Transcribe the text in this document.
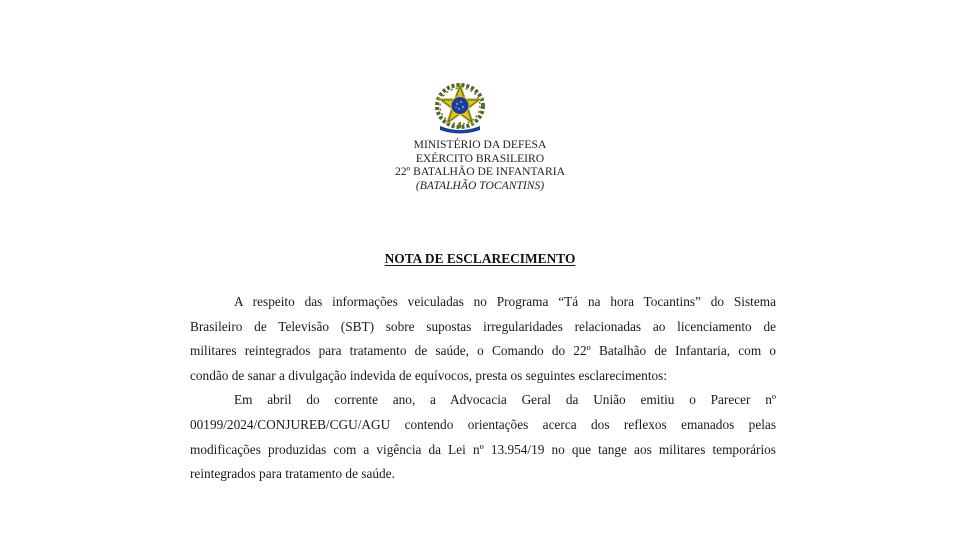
MINISTÉRIO DA DEFESA
EXÉRCITO BRASILEIRO
22º BATALHÃO DE INFANTARIA
(BATALHÃO TOCANTINS)
NOTA DE ESCLARECIMENTO
A respeito das informações veiculadas no Programa “Tá na hora Tocantins” do Sistema
Brasileiro de Televisão (SBT) sobre supostas irregularidades relacionadas ao licenciamento de
militares reintegrados para tratamento de saúde, o Comando do 22º Batalhão de Infantaria, com o
condão de sanar a divulgação indevida de equívocos, presta os seguintes esclarecimentos:
Em abril do corrente ano, a Advocacia Geral da União emitiu o Parecer nº
00199/2024/CONJUREB/CGU/AGU contendo orientações acerca dos reflexos emanados pelas
modificações produzidas com a vigência da Lei nº 13.954/19 no que tange aos militares temporários
reintegrados para tratamento de saúde.
